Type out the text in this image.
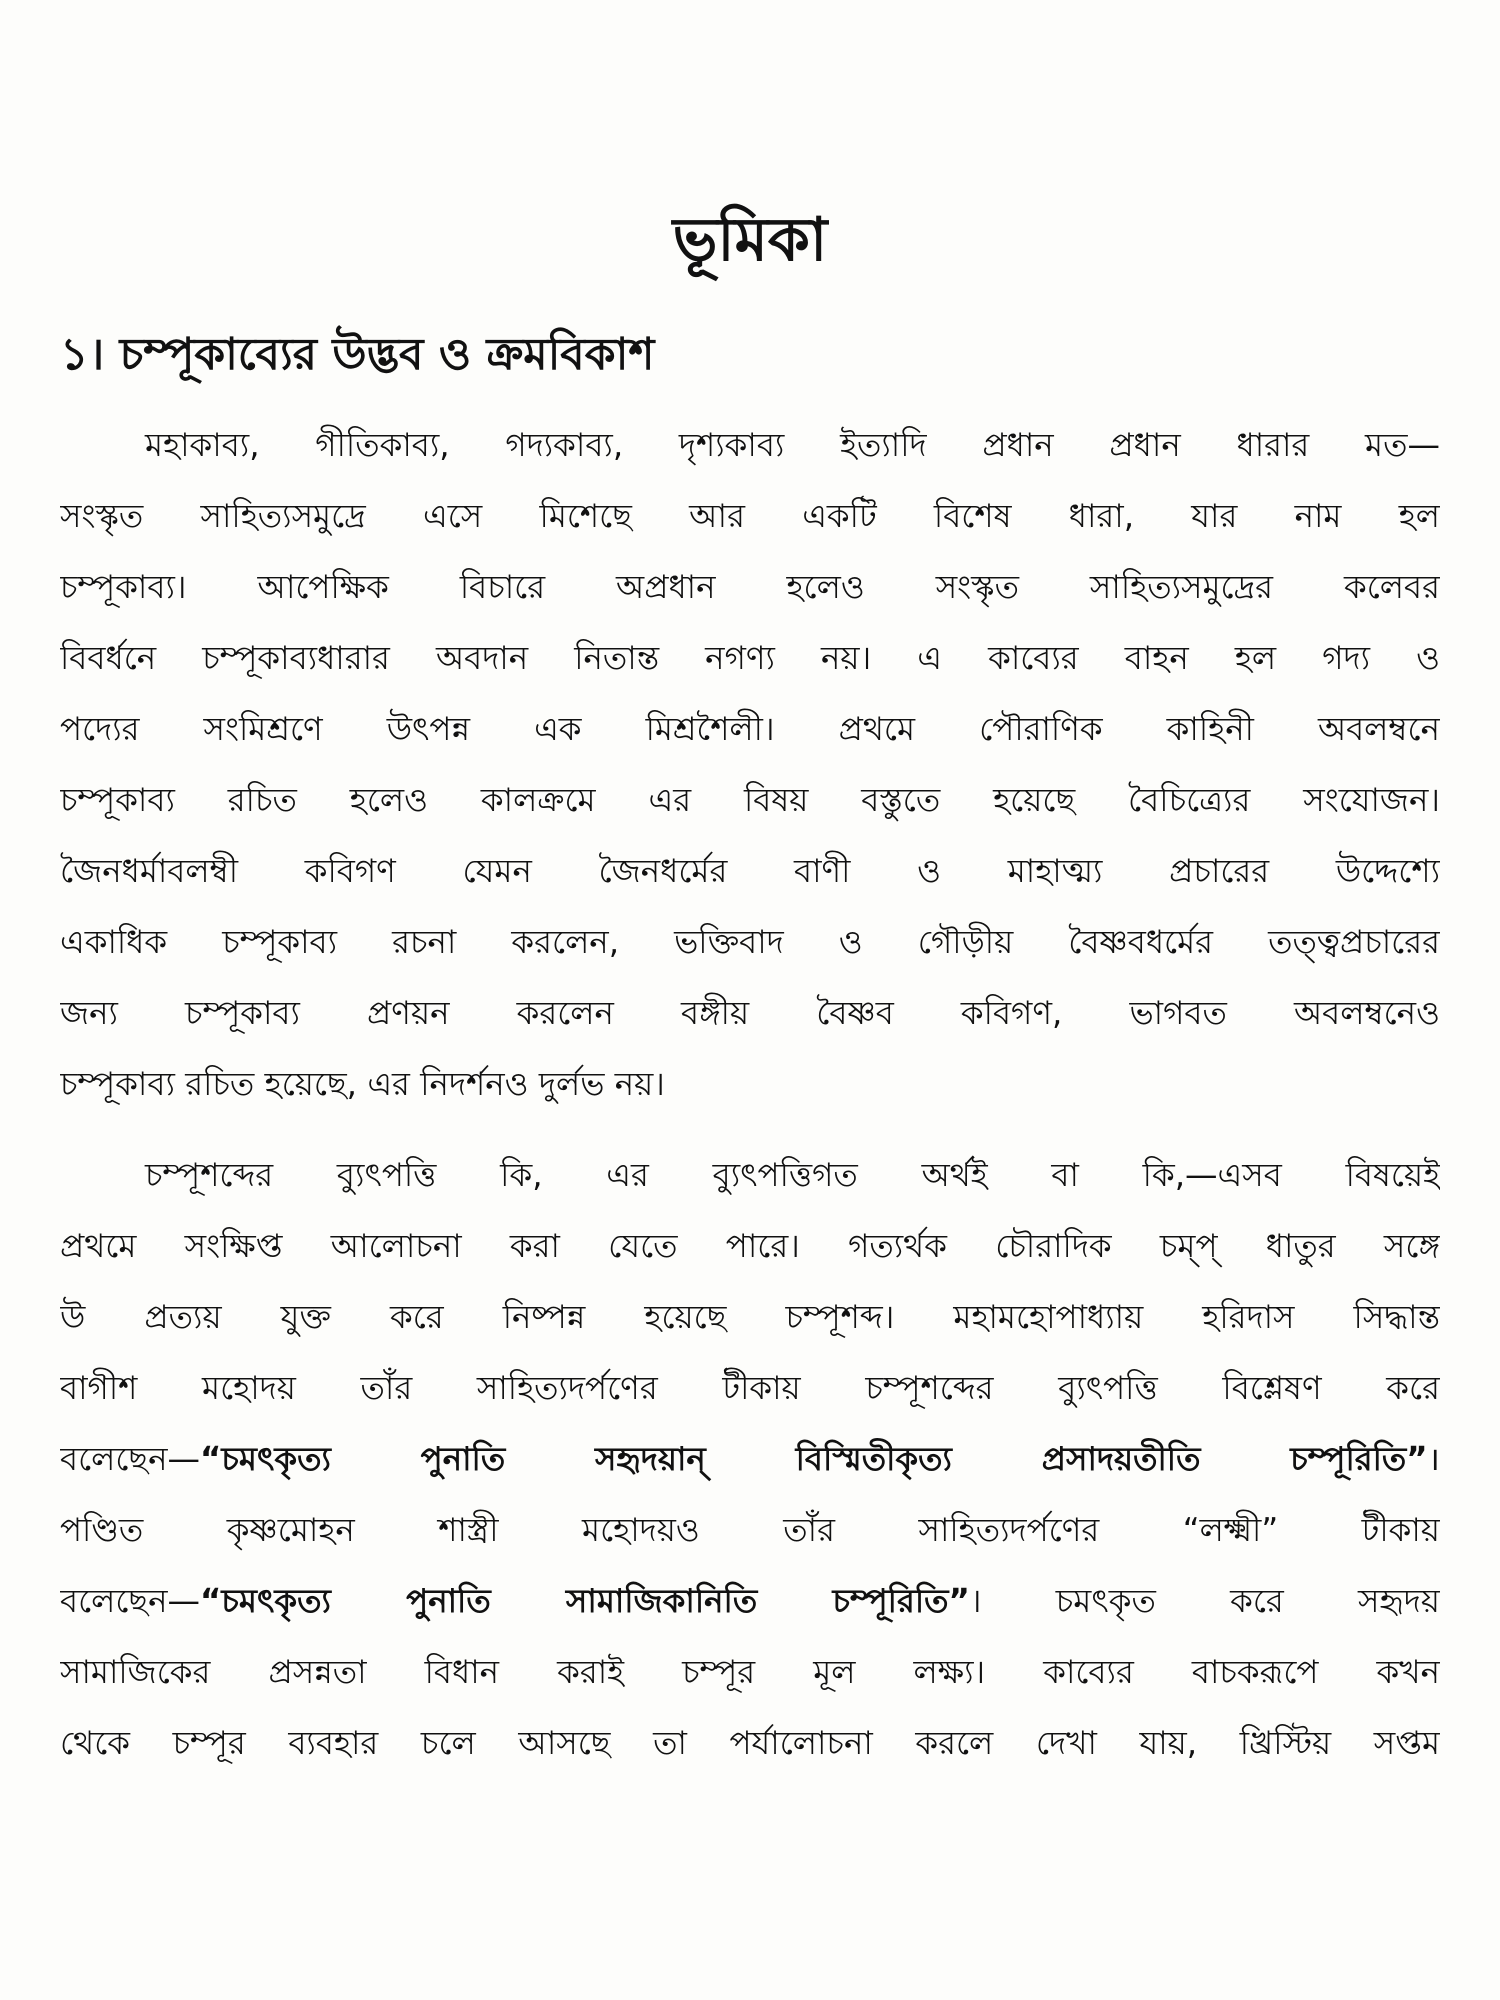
ভূমিকা
১। চম্পূকাব্যের উদ্ভব ও ক্রমবিকাশ
মহাকাব্য, গীতিকাব্য, গদ্যকাব্য, দৃশ্যকাব্য ইত্যাদি প্রধান প্রধান ধারার মত—
সংস্কৃত সাহিত্যসমুদ্রে এসে মিশেছে আর একটি বিশেষ ধারা, যার নাম হল
চম্পূকাব্য। আপেক্ষিক বিচারে অপ্রধান হলেও সংস্কৃত সাহিত্যসমুদ্রের কলেবর
বিবর্ধনে চম্পূকাব্যধারার অবদান নিতান্ত নগণ্য নয়। এ কাব্যের বাহন হল গদ্য ও
পদ্যের সংমিশ্রণে উৎপন্ন এক মিশ্রশৈলী। প্রথমে পৌরাণিক কাহিনী অবলম্বনে
চম্পূকাব্য রচিত হলেও কালক্রমে এর বিষয় বস্তুতে হয়েছে বৈচিত্র্যের সংযোজন।
জৈনধর্মাবলম্বী কবিগণ যেমন জৈনধর্মের বাণী ও মাহাত্ম্য প্রচারের উদ্দেশ্যে
একাধিক চম্পূকাব্য রচনা করলেন, ভক্তিবাদ ও গৌড়ীয় বৈষ্ণবধর্মের তত্ত্বপ্রচারের
জন্য চম্পূকাব্য প্রণয়ন করলেন বঙ্গীয় বৈষ্ণব কবিগণ, ভাগবত অবলম্বনেও
চম্পূকাব্য রচিত হয়েছে, এর নিদর্শনও দুর্লভ নয়।
চম্পূশব্দের ব্যুৎপত্তি কি, এর ব্যুৎপত্তিগত অর্থই বা কি,—এসব বিষয়েই
প্রথমে সংক্ষিপ্ত আলোচনা করা যেতে পারে। গত্যর্থক চৌরাদিক চম্প্ ধাতুর সঙ্গে
উ প্রত্যয় যুক্ত করে নিষ্পন্ন হয়েছে চম্পূশব্দ। মহামহোপাধ্যায় হরিদাস সিদ্ধান্ত
বাগীশ মহোদয় তাঁর সাহিত্যদর্পণের টীকায় চম্পূশব্দের ব্যুৎপত্তি বিশ্লেষণ করে
বলেছেন—“চমৎকৃত্য পুনাতি সহৃদয়ান্ বিস্মিতীকৃত্য প্রসাদয়তীতি চম্পূরিতি”।
পণ্ডিত কৃষ্ণমোহন শাস্ত্রী মহোদয়ও তাঁর সাহিত্যদর্পণের “লক্ষ্মী” টীকায়
বলেছেন—“চমৎকৃত্য পুনাতি সামাজিকানিতি চম্পূরিতি”। চমৎকৃত করে সহৃদয়
সামাজিকের প্রসন্নতা বিধান করাই চম্পূর মূল লক্ষ্য। কাব্যের বাচকরূপে কখন
থেকে চম্পূর ব্যবহার চলে আসছে তা পর্যালোচনা করলে দেখা যায়, খ্রিস্টিয় সপ্তম
